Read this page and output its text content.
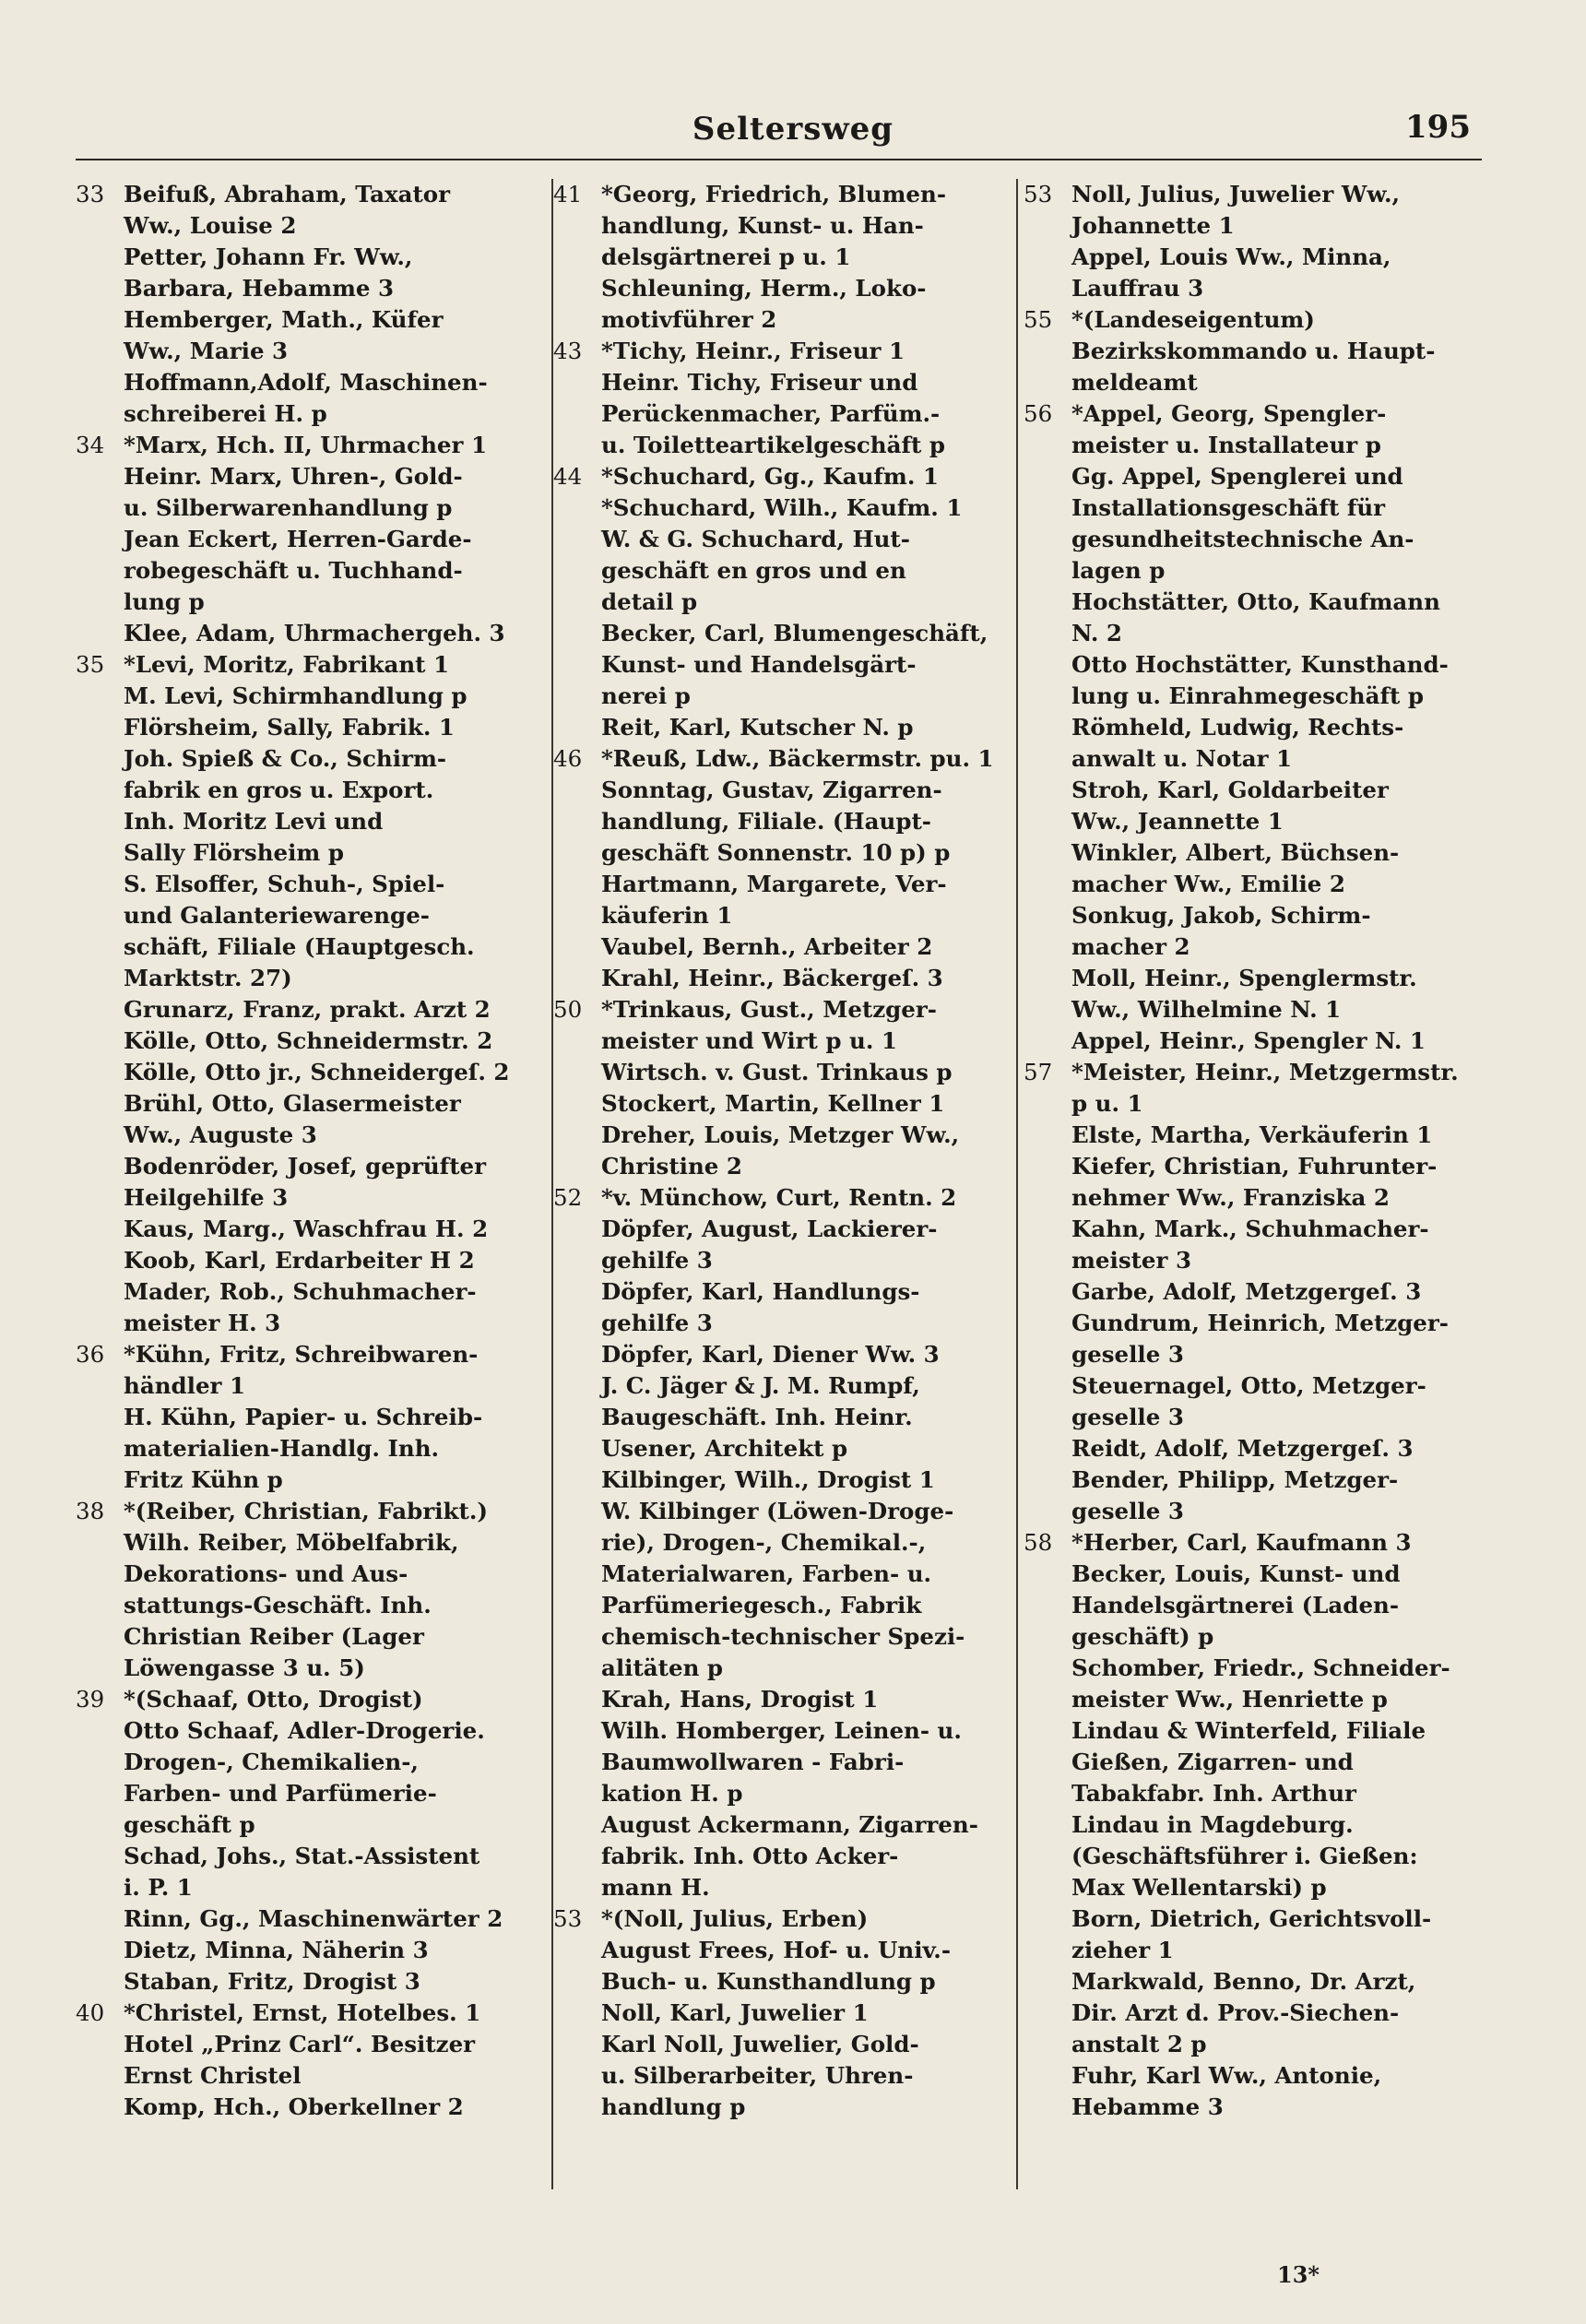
Seltersweg	195
33 Beifuß, Abraham, Taxator
Ww., Louise 2
Petter, Johann Fr. Ww.,
Barbara, Hebamme 3
Hemberger, Math., Küfer
Ww., Marie 3
Hoffmann,Adolf, Maschinen-
schreiberei H. p
34 *Marx, Hch. II, Uhrmacher 1
Heinr. Marx, Uhren-, Gold-
u. Silberwarenhandlung p
Jean Eckert, Herren-Garde-
robegeschäft u. Tuchhand-
lung p
Klee, Adam, Uhrmachergeh. 3
35 *Levi, Moritz, Fabrikant 1
M. Levi, Schirmhandlung p
Flörsheim, Sally, Fabrik. 1
Joh. Spieß & Co., Schirm-
fabrik en gros u. Export.
Inh. Moritz Levi und
Sally Flörsheim p
S. Elsoffer, Schuh-, Spiel-
und Galanteriewarenge-
schäft, Filiale (Hauptgesch.
Marktstr. 27)
Grunarz, Franz, prakt. Arzt 2
Kölle, Otto, Schneidermstr. 2
Kölle, Otto jr., Schneidergeſ. 2
Brühl, Otto, Glasermeister
Ww., Auguste 3
Bodenröder, Josef, geprüfter
Heilgehilfe 3
Kaus, Marg., Waschfrau H. 2
Koob, Karl, Erdarbeiter H 2
Mader, Rob., Schuhmacher-
meister H. 3
36 *Kühn, Fritz, Schreibwaren-
händler 1
H. Kühn, Papier- u. Schreib-
materialien-Handlg. Inh.
Fritz Kühn p
38 *(Reiber, Christian, Fabrikt.)
Wilh. Reiber, Möbelfabrik,
Dekorations- und Aus-
stattungs-Geschäft. Inh.
Christian Reiber (Lager
Löwengasse 3 u. 5)
39 *(Schaaf, Otto, Drogist)
Otto Schaaf, Adler-Drogerie.
Drogen-, Chemikalien-,
Farben- und Parfümerie-
geschäft p
Schad, Johs., Stat.-Assistent
i. P. 1
Rinn, Gg., Maschinenwärter 2
Dietz, Minna, Näherin 3
Staban, Fritz, Drogist 3
40 *Christel, Ernst, Hotelbes. 1
Hotel „Prinz Carl“. Besitzer
Ernst Christel
Komp, Hch., Oberkellner 2
41 *Georg, Friedrich, Blumen-
handlung, Kunst- u. Han-
delsgärtnerei p u. 1
Schleuning, Herm., Loko-
motivführer 2
43 *Tichy, Heinr., Friseur 1
Heinr. Tichy, Friseur und
Perückenmacher, Parfüm.-
u. Toiletteartikelgeschäft p
44 *Schuchard, Gg., Kaufm. 1
*Schuchard, Wilh., Kaufm. 1
W. & G. Schuchard, Hut-
geschäft en gros und en
detail p
Becker, Carl, Blumengeschäft,
Kunst- und Handelsgärt-
nerei p
Reit, Karl, Kutscher N. p
46 *Reuß, Ldw., Bäckermstr. pu. 1
Sonntag, Gustav, Zigarren-
handlung, Filiale. (Haupt-
geschäft Sonnenstr. 10 p) p
Hartmann, Margarete, Ver-
käuferin 1
Vaubel, Bernh., Arbeiter 2
Krahl, Heinr., Bäckergeſ. 3
50 *Trinkaus, Gust., Metzger-
meister und Wirt p u. 1
Wirtsch. v. Gust. Trinkaus p
Stockert, Martin, Kellner 1
Dreher, Louis, Metzger Ww.,
Christine 2
52 *v. Münchow, Curt, Rentn. 2
Döpfer, August, Lackierer-
gehilfe 3
Döpfer, Karl, Handlungs-
gehilfe 3
Döpfer, Karl, Diener Ww. 3
J. C. Jäger & J. M. Rumpf,
Baugeschäft. Inh. Heinr.
Usener, Architekt p
Kilbinger, Wilh., Drogist 1
W. Kilbinger (Löwen-Droge-
rie), Drogen-, Chemikal.-,
Materialwaren, Farben- u.
Parfümeriegesch., Fabrik
chemisch-technischer Spezi-
alitäten p
Krah, Hans, Drogist 1
Wilh. Homberger, Leinen- u.
Baumwollwaren - Fabri-
kation H. p
August Ackermann, Zigarren-
fabrik. Inh. Otto Acker-
mann H.
53 *(Noll, Julius, Erben)
August Frees, Hof- u. Univ.-
Buch- u. Kunsthandlung p
Noll, Karl, Juwelier 1
Karl Noll, Juwelier, Gold-
u. Silberarbeiter, Uhren-
handlung p
53 Noll, Julius, Juwelier Ww.,
Johannette 1
Appel, Louis Ww., Minna,
Lauffrau 3
55 *(Landeseigentum)
Bezirkskommando u. Haupt-
meldeamt
56 *Appel, Georg, Spengler-
meister u. Installateur p
Gg. Appel, Spenglerei und
Installationsgeschäft für
gesundheitstechnische An-
lagen p
Hochstätter, Otto, Kaufmann
N. 2
Otto Hochstätter, Kunsthand-
lung u. Einrahmegeschäft p
Römheld, Ludwig, Rechts-
anwalt u. Notar 1
Stroh, Karl, Goldarbeiter
Ww., Jeannette 1
Winkler, Albert, Büchsen-
macher Ww., Emilie 2
Sonkug, Jakob, Schirm-
macher 2
Moll, Heinr., Spenglermstr.
Ww., Wilhelmine N. 1
Appel, Heinr., Spengler N. 1
57 *Meister, Heinr., Metzgermstr.
p u. 1
Elste, Martha, Verkäuferin 1
Kiefer, Christian, Fuhrunter-
nehmer Ww., Franziska 2
Kahn, Mark., Schuhmacher-
meister 3
Garbe, Adolf, Metzgergeſ. 3
Gundrum, Heinrich, Metzger-
geselle 3
Steuernagel, Otto, Metzger-
geselle 3
Reidt, Adolf, Metzgergeſ. 3
Bender, Philipp, Metzger-
geselle 3
58 *Herber, Carl, Kaufmann 3
Becker, Louis, Kunst- und
Handelsgärtnerei (Laden-
geschäft) p
Schomber, Friedr., Schneider-
meister Ww., Henriette p
Lindau & Winterfeld, Filiale
Gießen, Zigarren- und
Tabakfabr. Inh. Arthur
Lindau in Magdeburg.
(Geschäftsführer i. Gießen:
Max Wellentarski) p
Born, Dietrich, Gerichtsvoll-
zieher 1
Markwald, Benno, Dr. Arzt,
Dir. Arzt d. Prov.-Siechen-
anstalt 2 p
Fuhr, Karl Ww., Antonie,
Hebamme 3
13*
